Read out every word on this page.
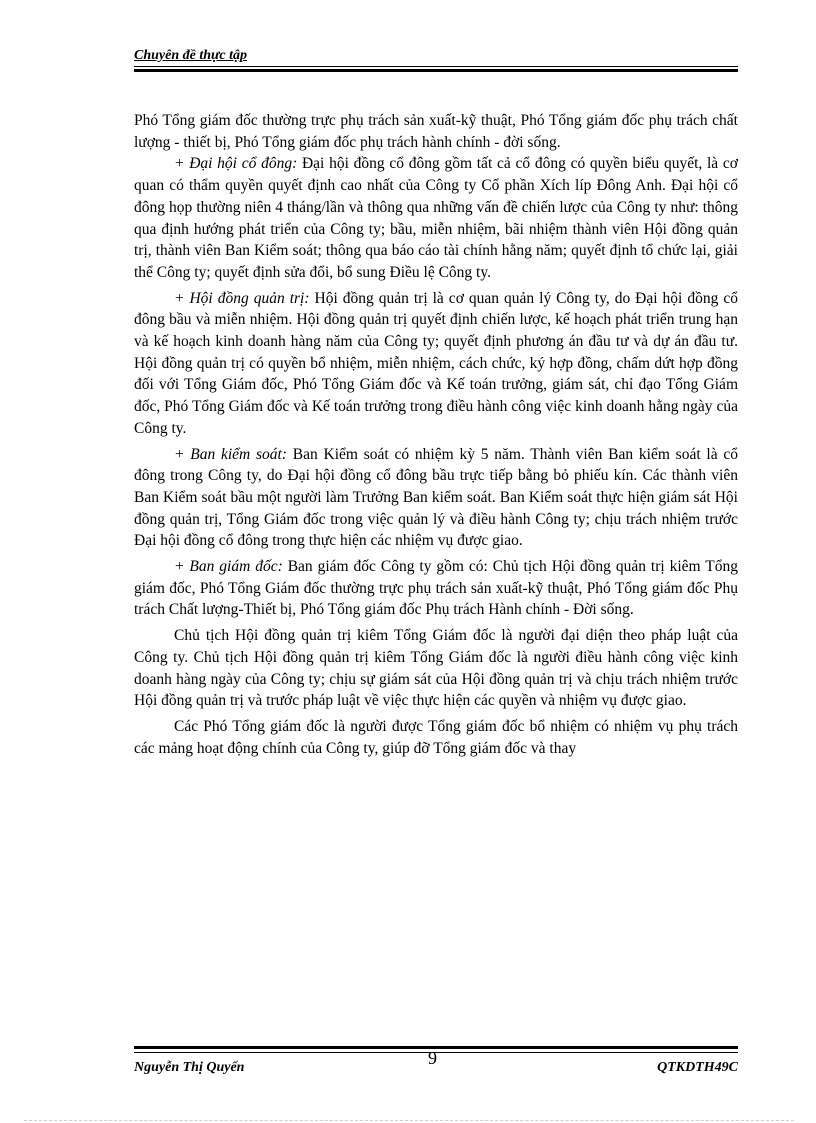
Chuyên đề thực tập

Phó Tổng giám đốc thường trực phụ trách sản xuất-kỹ thuật, Phó Tổng giám đốc phụ trách chất lượng - thiết bị, Phó Tổng giám đốc phụ trách hành chính - đời sống.

+ Đại hội cổ đông: Đại hội đồng cổ đông gồm tất cả cổ đông có quyền biểu quyết, là cơ quan có thẩm quyền quyết định cao nhất của Công ty Cổ phần Xích líp Đông Anh. Đại hội cổ đông họp thường niên 4 tháng/lần và thông qua những vấn đề chiến lược của Công ty như: thông qua định hướng phát triển của Công ty; bầu, miễn nhiệm, bãi nhiệm thành viên Hội đồng quản trị, thành viên Ban Kiểm soát; thông qua báo cáo tài chính hằng năm; quyết định tổ chức lại, giải thể Công ty; quyết định sửa đổi, bổ sung Điều lệ Công ty.

+ Hội đồng quản trị: Hội đồng quản trị là cơ quan quản lý Công ty, do Đại hội đồng cổ đông bầu và miễn nhiệm. Hội đồng quản trị quyết định chiến lược, kế hoạch phát triển trung hạn và kế hoạch kinh doanh hàng năm của Công ty; quyết định phương án đầu tư và dự án đầu tư. Hội đồng quản trị có quyền bổ nhiệm, miễn nhiệm, cách chức, ký hợp đồng, chấm dứt hợp đồng đối với Tổng Giám đốc, Phó Tổng Giám đốc và Kế toán trưởng, giám sát, chỉ đạo Tổng Giám đốc, Phó Tổng Giám đốc và Kế toán trưởng trong điều hành công việc kinh doanh hằng ngày của Công ty.

+ Ban kiểm soát: Ban Kiểm soát có nhiệm kỳ 5 năm. Thành viên Ban kiểm soát là cổ đông trong Công ty, do Đại hội đồng cổ đông bầu trực tiếp bằng bỏ phiếu kín. Các thành viên Ban Kiểm soát bầu một người làm Trưởng Ban kiểm soát. Ban Kiểm soát thực hiện giám sát Hội đồng quản trị, Tổng Giám đốc trong việc quản lý và điều hành Công ty; chịu trách nhiệm trước Đại hội đồng cổ đông trong thực hiện các nhiệm vụ được giao.

+ Ban giám đốc: Ban giám đốc Công ty gồm có: Chủ tịch Hội đồng quản trị kiêm Tổng giám đốc, Phó Tổng Giám đốc thường trực phụ trách sản xuất-kỹ thuật, Phó Tổng giám đốc Phụ trách Chất lượng-Thiết bị, Phó Tổng giám đốc Phụ trách Hành chính - Đời sống.

Chủ tịch Hội đồng quản trị kiêm Tổng Giám đốc là người đại diện theo pháp luật của Công ty. Chủ tịch Hội đồng quản trị kiêm Tổng Giám đốc là người điều hành công việc kinh doanh hàng ngày của Công ty; chịu sự giám sát của Hội đồng quản trị và chịu trách nhiệm trước Hội đồng quản trị và trước pháp luật về việc thực hiện các quyền và nhiệm vụ được giao.

Các Phó Tổng giám đốc là người được Tổng giám đốc bổ nhiệm có nhiệm vụ phụ trách các mảng hoạt động chính của Công ty, giúp đỡ Tổng giám đốc và thay

9
Nguyễn Thị Quyến	QTKDTH49C
